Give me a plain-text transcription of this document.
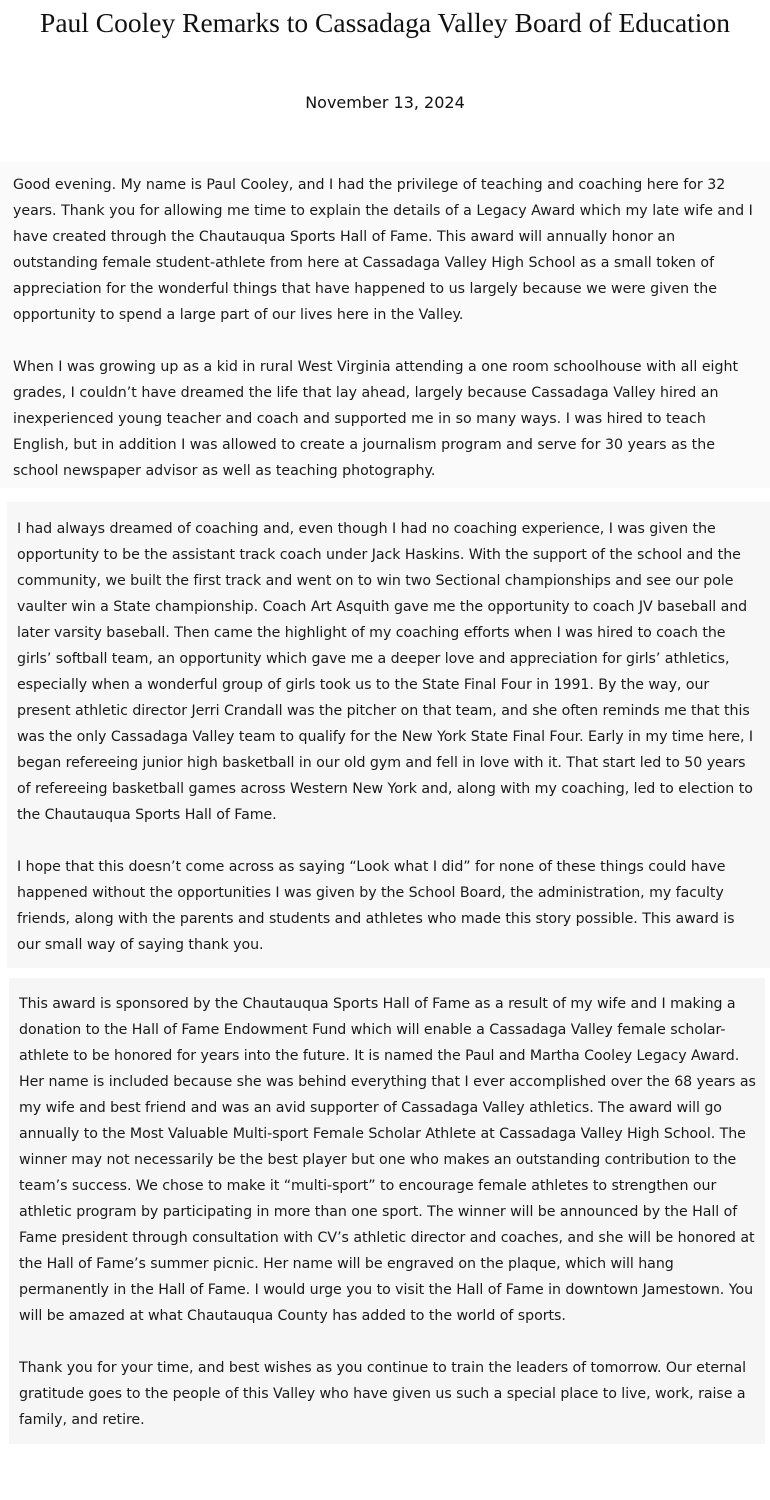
Paul Cooley Remarks to Cassadaga Valley Board of Education
November 13, 2024

Good evening. My name is Paul Cooley, and I had the privilege of teaching and coaching here for 32 years. Thank you for allowing me time to explain the details of a Legacy Award which my late wife and I have created through the Chautauqua Sports Hall of Fame. This award will annually honor an outstanding female student-athlete from here at Cassadaga Valley High School as a small token of appreciation for the wonderful things that have happened to us largely because we were given the opportunity to spend a large part of our lives here in the Valley.

When I was growing up as a kid in rural West Virginia attending a one room schoolhouse with all eight grades, I couldn’t have dreamed the life that lay ahead, largely because Cassadaga Valley hired an inexperienced young teacher and coach and supported me in so many ways. I was hired to teach English, but in addition I was allowed to create a journalism program and serve for 30 years as the school newspaper advisor as well as teaching photography.

I had always dreamed of coaching and, even though I had no coaching experience, I was given the opportunity to be the assistant track coach under Jack Haskins. With the support of the school and the community, we built the first track and went on to win two Sectional championships and see our pole vaulter win a State championship. Coach Art Asquith gave me the opportunity to coach JV baseball and later varsity baseball. Then came the highlight of my coaching efforts when I was hired to coach the girls’ softball team, an opportunity which gave me a deeper love and appreciation for girls’ athletics, especially when a wonderful group of girls took us to the State Final Four in 1991. By the way, our present athletic director Jerri Crandall was the pitcher on that team, and she often reminds me that this was the only Cassadaga Valley team to qualify for the New York State Final Four. Early in my time here, I began refereeing junior high basketball in our old gym and fell in love with it. That start led to 50 years of refereeing basketball games across Western New York and, along with my coaching, led to election to the Chautauqua Sports Hall of Fame.

I hope that this doesn’t come across as saying “Look what I did” for none of these things could have happened without the opportunities I was given by the School Board, the administration, my faculty friends, along with the parents and students and athletes who made this story possible. This award is our small way of saying thank you.

This award is sponsored by the Chautauqua Sports Hall of Fame as a result of my wife and I making a donation to the Hall of Fame Endowment Fund which will enable a Cassadaga Valley female scholar-athlete to be honored for years into the future. It is named the Paul and Martha Cooley Legacy Award. Her name is included because she was behind everything that I ever accomplished over the 68 years as my wife and best friend and was an avid supporter of Cassadaga Valley athletics. The award will go annually to the Most Valuable Multi-sport Female Scholar Athlete at Cassadaga Valley High School. The winner may not necessarily be the best player but one who makes an outstanding contribution to the team’s success. We chose to make it “multi-sport” to encourage female athletes to strengthen our athletic program by participating in more than one sport. The winner will be announced by the Hall of Fame president through consultation with CV’s athletic director and coaches, and she will be honored at the Hall of Fame’s summer picnic. Her name will be engraved on the plaque, which will hang permanently in the Hall of Fame. I would urge you to visit the Hall of Fame in downtown Jamestown. You will be amazed at what Chautauqua County has added to the world of sports.

Thank you for your time, and best wishes as you continue to train the leaders of tomorrow. Our eternal gratitude goes to the people of this Valley who have given us such a special place to live, work, raise a family, and retire.
